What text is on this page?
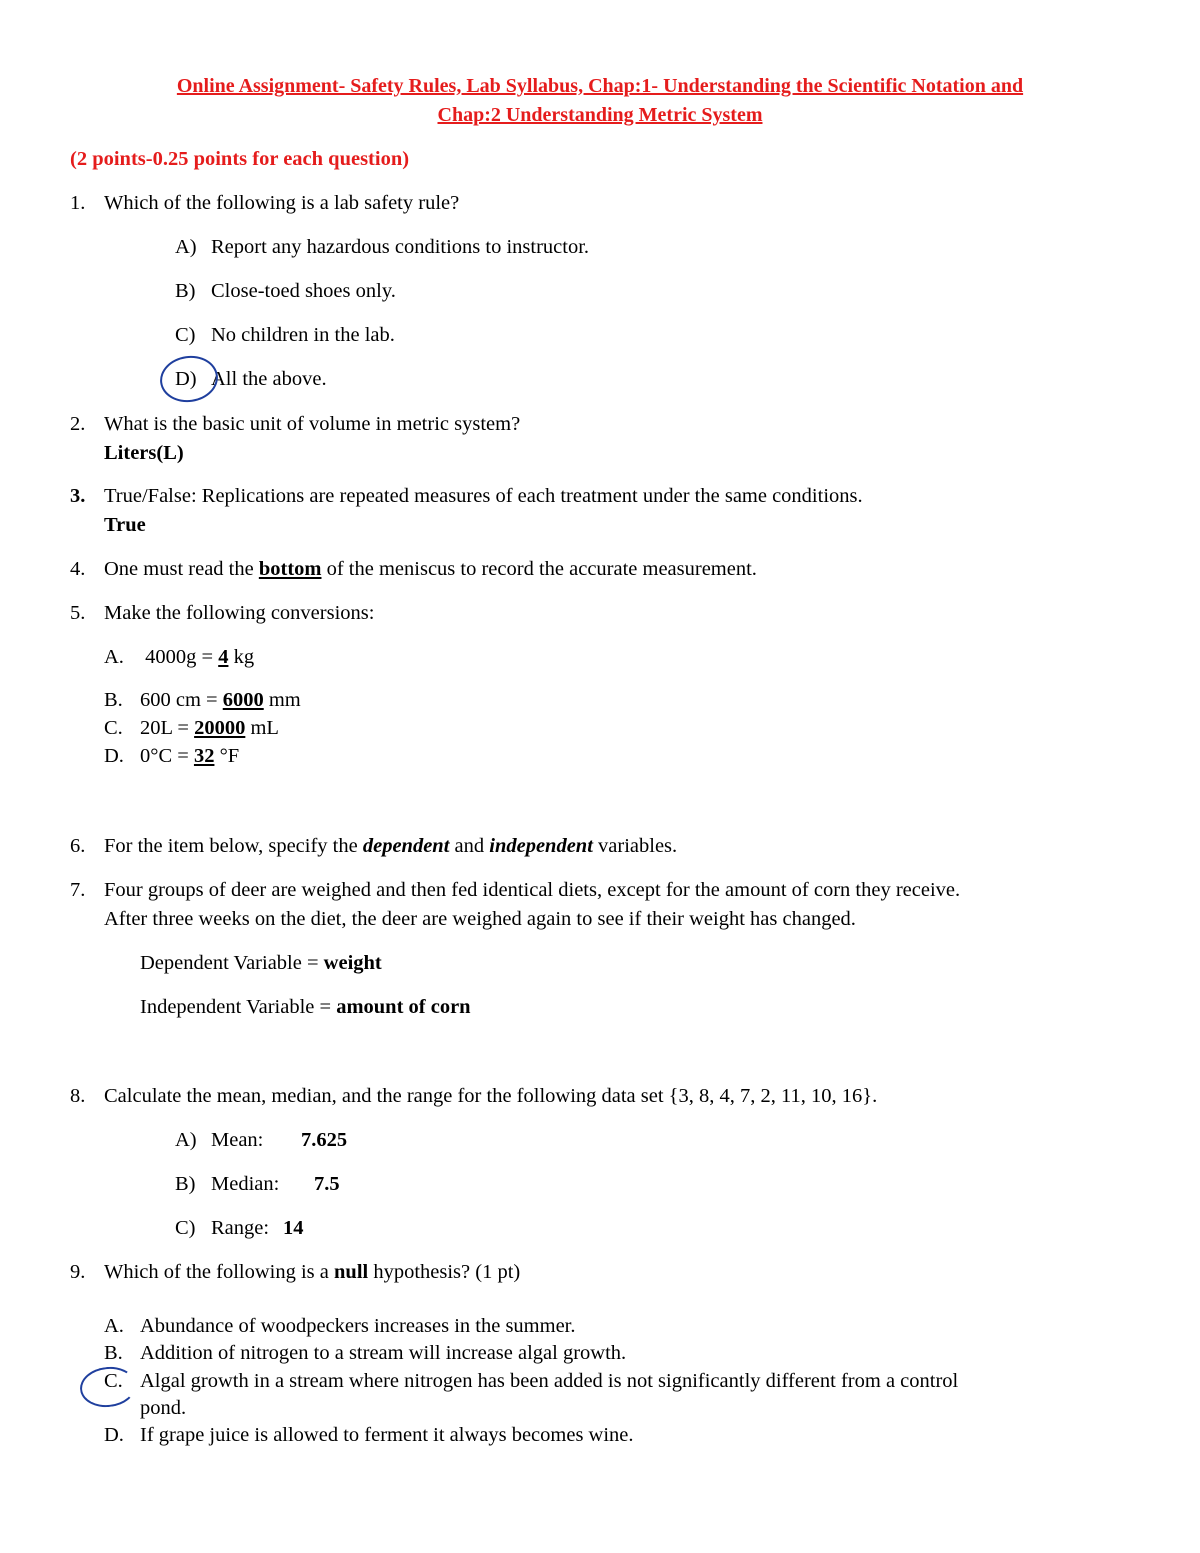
Online Assignment- Safety Rules, Lab Syllabus, Chap:1- Understanding the Scientific Notation and
Chap:2 Understanding Metric System
(2 points-0.25 points for each question)
1. Which of the following is a lab safety rule?
A) Report any hazardous conditions to instructor.
B) Close-toed shoes only.
C) No children in the lab.
D) All the above.
2. What is the basic unit of volume in metric system?
Liters(L)
3. True/False: Replications are repeated measures of each treatment under the same conditions.
True
4. One must read the bottom of the meniscus to record the accurate measurement.
5. Make the following conversions:
A. 4000g = 4 kg
B. 600 cm = 6000 mm
C. 20L = 20000 mL
D. 0°C = 32 °F
6. For the item below, specify the dependent and independent variables.
7. Four groups of deer are weighed and then fed identical diets, except for the amount of corn they receive.
After three weeks on the diet, the deer are weighed again to see if their weight has changed.
Dependent Variable = weight
Independent Variable = amount of corn
8. Calculate the mean, median, and the range for the following data set {3, 8, 4, 7, 2, 11, 10, 16}.
A) Mean: 7.625
B) Median: 7.5
C) Range: 14
9. Which of the following is a null hypothesis? (1 pt)
A. Abundance of woodpeckers increases in the summer.
B. Addition of nitrogen to a stream will increase algal growth.
C. Algal growth in a stream where nitrogen has been added is not significantly different from a control
pond.
D. If grape juice is allowed to ferment it always becomes wine.
